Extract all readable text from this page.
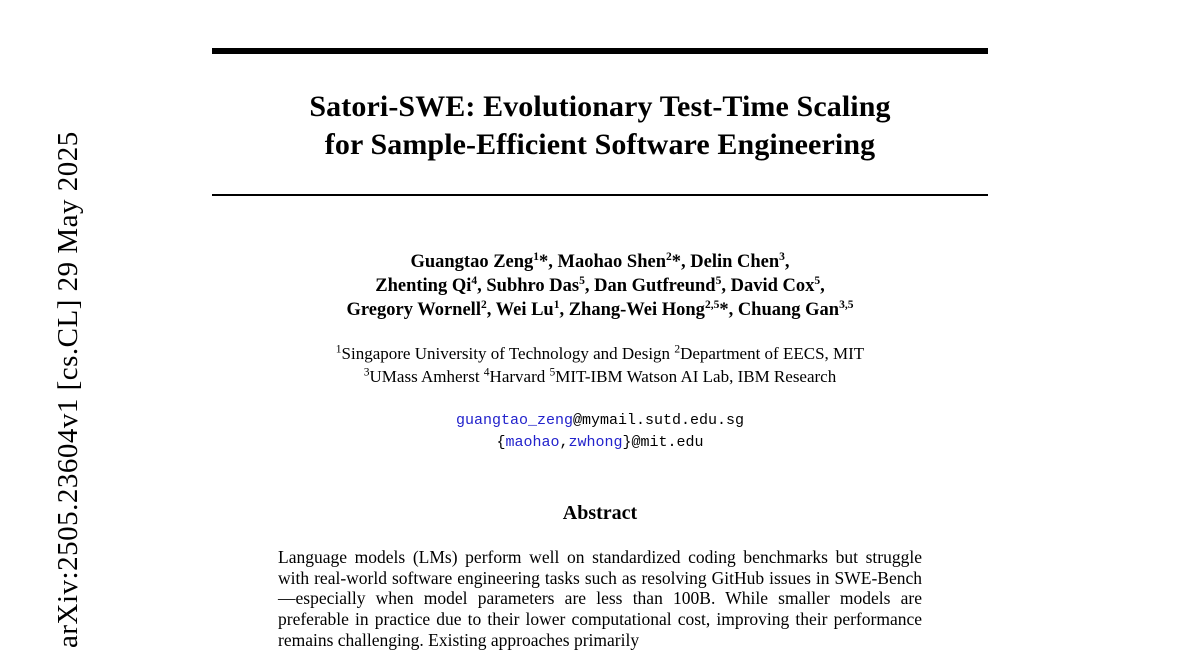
arXiv:2505.23604v1 [cs.CL] 29 May 2025
Satori-SWE: Evolutionary Test-Time Scaling
for Sample-Efficient Software Engineering
Guangtao Zeng$^1$*, Maohao Shen$^2$*, Delin Chen$^3$,
Zhenting Qi$^4$, Subhro Das$^5$, Dan Gutfreund$^5$, David Cox$^5$,
Gregory Wornell$^2$, Wei Lu$^1$, Zhang-Wei Hong$^{2,5}$*, Chuang Gan$^{3,5}$
$^1$Singapore University of Technology and Design $^2$Department of EECS, MIT
$^3$UMass Amherst $^4$Harvard $^5$MIT-IBM Watson AI Lab, IBM Research
guangtao_zeng@mymail.sutd.edu.sg
{maohao,zwhong}@mit.edu
Abstract

Language models (LMs) perform well on standardized coding benchmarks but struggle with real-world software engineering tasks such as resolving GitHub issues in SWE-Bench—especially when model parameters are less than 100B. While smaller models are preferable in practice due to their lower computational cost, improving their performance remains challenging. Existing approaches primarily
